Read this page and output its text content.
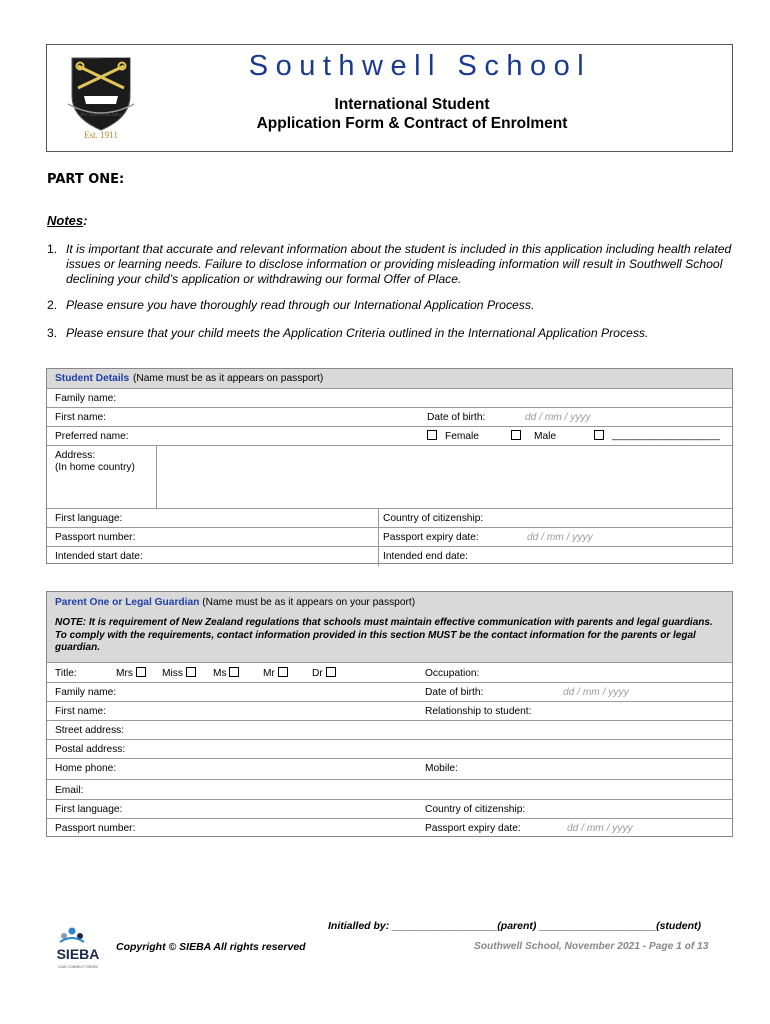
Per Aspera Ad Astra
Est. 1911
Southwell School
International Student
Application Form & Contract of Enrolment
PART ONE:
Notes:
1. It is important that accurate and relevant information about the student is included in this application including health related issues or learning needs. Failure to disclose information or providing misleading information will result in Southwell School declining your child’s application or withdrawing our formal Offer of Place.
2. Please ensure you have thoroughly read through our International Application Process.
3. Please ensure that your child meets the Application Criteria outlined in the International Application Process.
Student Details (Name must be as it appears on passport)
Family name:
First name:	Date of birth:	dd / mm / yyyy
Preferred name:	Female	Male	___________________
Address:
(In home country)
First language:	Country of citizenship:
Passport number:	Passport expiry date:	dd / mm / yyyy
Intended start date:	Intended end date:
Parent One or Legal Guardian (Name must be as it appears on your passport)
NOTE: It is requirement of New Zealand regulations that schools must maintain effective communication with parents and legal guardians. To comply with the requirements, contact information provided in this section MUST be the contact information for the parents or legal guardian.
Title:	Mrs	Miss	Ms	Mr	Dr	Occupation:
Family name:	Date of birth:	dd / mm / yyyy
First name:	Relationship to student:
Street address:
Postal address:
Home phone:	Mobile:
Email:
First language:	Country of citizenship:
Passport number:	Passport expiry date:	dd / mm / yyyy
Initialled by: __________________(parent) ____________________(student)
SIEBA
LINK CONNECT GROW
Copyright © SIEBA All rights reserved	Southwell School, November 2021 - Page 1 of 13
